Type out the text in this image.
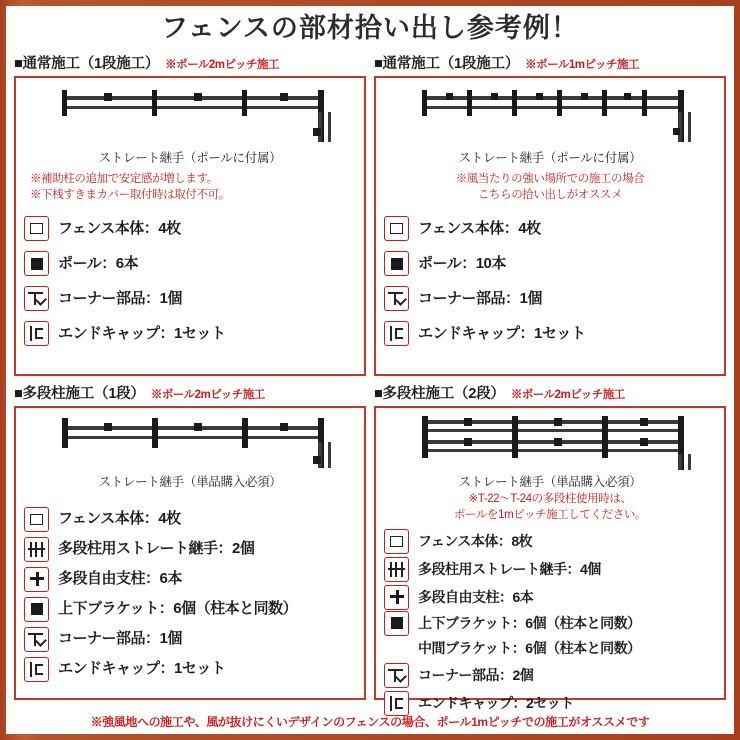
フェンスの部材拾い出し参考例！
■通常施工（1段施工） ※ポール2mピッチ施工
ストレート継手（ポールに付属）
※補助柱の追加で安定感が増します。
※下桟すきまカバー取付時は取付不可。
フェンス本体：4枚
ポール：6本
コーナー部品：1個
エンドキャップ：1セット
■通常施工（1段施工） ※ポール1mピッチ施工
ストレート継手（ポールに付属）
※風当たりの強い場所での施工の場合
こちらの拾い出しがオススメ
フェンス本体：4枚
ポール：10本
コーナー部品：1個
エンドキャップ：1セット
■多段柱施工（1段） ※ポール2mピッチ施工
ストレート継手（単品購入必須）
フェンス本体：4枚
多段柱用ストレート継手：2個
多段自由支柱：6本
上下ブラケット：6個（柱本と同数）
コーナー部品：1個
エンドキャップ：1セット
■多段柱施工（2段） ※ポール2mピッチ施工
ストレート継手（単品購入必須）
※T-22〜T-24の多段柱使用時は、
ポールを1mピッチ施工してください。
フェンス本体：8枚
多段柱用ストレート継手：4個
多段自由支柱：6本
上下ブラケット：6個（柱本と同数）
中間ブラケット：6個（柱本と同数）
コーナー部品：2個
エンドキャップ：2セット
※強風地への施工や、風が抜けにくいデザインのフェンスの場合、ポール1mピッチでの施工がオススメです
